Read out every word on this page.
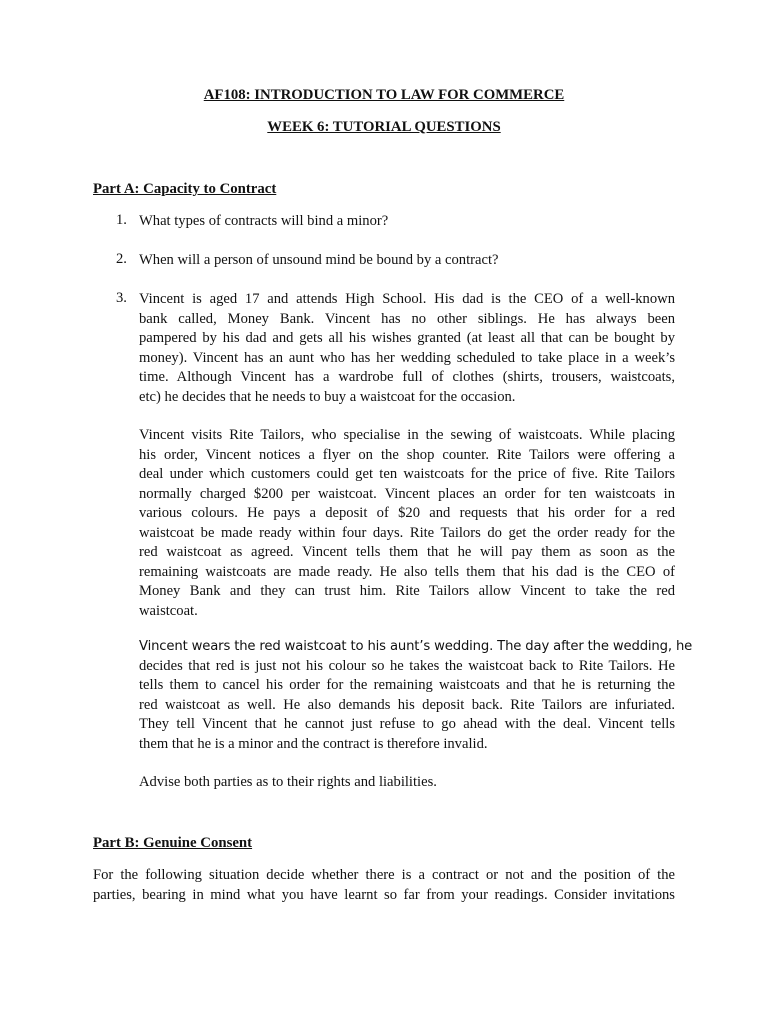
AF108: INTRODUCTION TO LAW FOR COMMERCE
WEEK 6: TUTORIAL QUESTIONS
Part A: Capacity to Contract
1. What types of contracts will bind a minor?
2. When will a person of unsound mind be bound by a contract?
3. Vincent is aged 17 and attends High School. His dad is the CEO of a well-known
bank called, Money Bank. Vincent has no other siblings. He has always been
pampered by his dad and gets all his wishes granted (at least all that can be bought by
money). Vincent has an aunt who has her wedding scheduled to take place in a week’s
time. Although Vincent has a wardrobe full of clothes (shirts, trousers, waistcoats,
etc) he decides that he needs to buy a waistcoat for the occasion.
Vincent visits Rite Tailors, who specialise in the sewing of waistcoats. While placing
his order, Vincent notices a flyer on the shop counter. Rite Tailors were offering a
deal under which customers could get ten waistcoats for the price of five. Rite Tailors
normally charged $200 per waistcoat. Vincent places an order for ten waistcoats in
various colours. He pays a deposit of $20 and requests that his order for a red
waistcoat be made ready within four days. Rite Tailors do get the order ready for the
red waistcoat as agreed. Vincent tells them that he will pay them as soon as the
remaining waistcoats are made ready. He also tells them that his dad is the CEO of
Money Bank and they can trust him. Rite Tailors allow Vincent to take the red
waistcoat.
Vincent wears the red waistcoat to his aunt’s wedding. The day after the wedding, he
decides that red is just not his colour so he takes the waistcoat back to Rite Tailors. He
tells them to cancel his order for the remaining waistcoats and that he is returning the
red waistcoat as well. He also demands his deposit back. Rite Tailors are infuriated.
They tell Vincent that he cannot just refuse to go ahead with the deal. Vincent tells
them that he is a minor and the contract is therefore invalid.
Advise both parties as to their rights and liabilities.
Part B: Genuine Consent
For the following situation decide whether there is a contract or not and the position of the
parties, bearing in mind what you have learnt so far from your readings. Consider invitations
